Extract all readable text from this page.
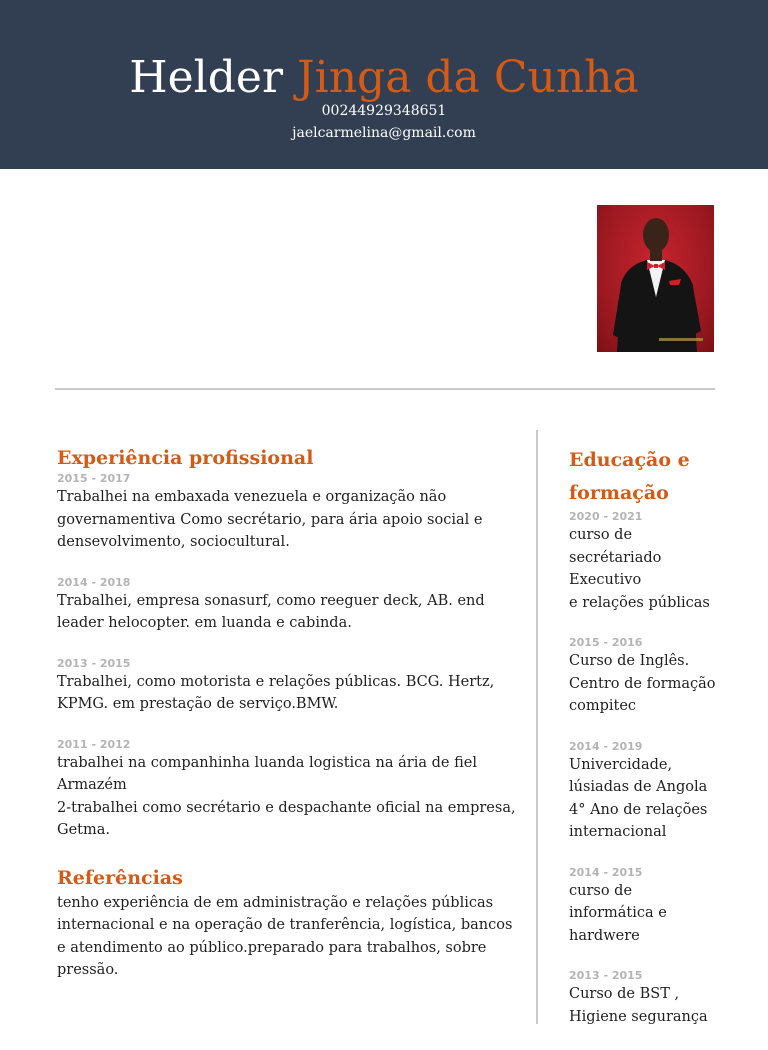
Helder Jinga da Cunha
00244929348651
jaelcarmelina@gmail.com
Experiência profissional

2015 - 2017

Trabalhei na embaxada venezuela e organização não governamentiva Como secrétario, para ária apoio social e densevolvimento, sociocultural.

2014 - 2018

Trabalhei, empresa sonasurf, como reeguer deck, AB. end leader helocopter. em luanda e cabinda.

2013 - 2015

Trabalhei, como motorista e relações públicas. BCG. Hertz, KPMG. em prestação de serviço.BMW.

2011 - 2012

trabalhei na companhinha luanda logistica na ária de fiel Armazém
2-trabalhei como secrétario e despachante oficial na empresa, Getma.

Referências

tenho experiência de em administração e relações públicas internacional e na operação de tranferência, logística, bancos e atendimento ao público.preparado para trabalhos, sobre pressão.

Educação e formação

2020 - 2021

curso de secrétariado Executivo
e relações públicas

2015 - 2016

Curso de Inglês. Centro de formação compitec

2014 - 2019

Univercidade, lúsiadas de Angola
4° Ano de relações internacional

2014 - 2015

curso de informática e hardwere

2013 - 2015

Curso de BST , Higiene segurança
